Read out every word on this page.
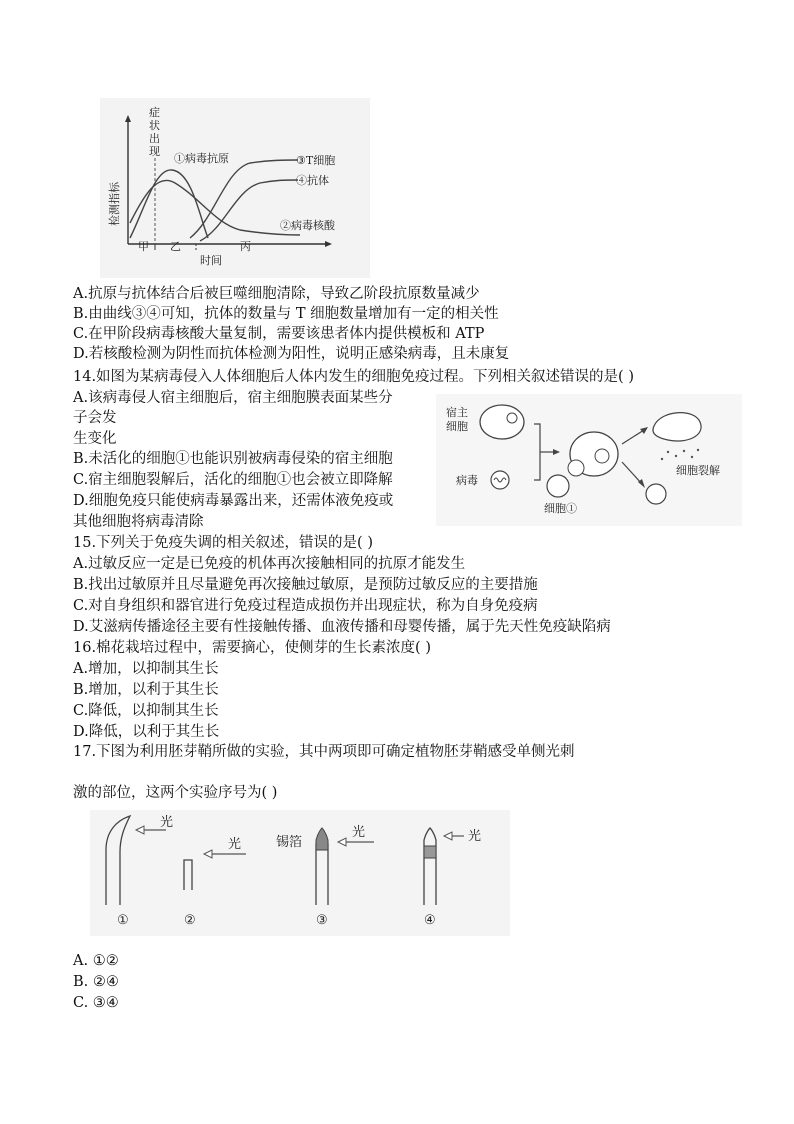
检测指标
症
状
出
现
①病毒抗原	③T细胞
④抗体
②病毒核酸
甲 乙	丙
时间
A.抗原与抗体结合后被巨噬细胞清除，导致乙阶段抗原数量减少
B.由曲线③④可知，抗体的数量与 T 细胞数量增加有一定的相关性
C.在甲阶段病毒核酸大量复制，需要该患者体内提供模板和 ATP
D.若核酸检测为阴性而抗体检测为阳性，说明正感染病毒，且未康复
14.如图为某病毒侵入人体细胞后人体内发生的细胞免疫过程。下列相关叙述错误的是( )
A.该病毒侵人宿主细胞后，宿主细胞膜表面某些分
子会发
生变化
B.未活化的细胞①也能识别被病毒侵染的宿主细胞
C.宿主细胞裂解后，活化的细胞①也会被立即降解
D.细胞免疫只能使病毒暴露出来，还需体液免疫或
其他细胞将病毒清除
宿主
细胞
病毒
细胞①
细胞裂解
15.下列关于免疫失调的相关叙述，错误的是( )
A.过敏反应一定是已免疫的机体再次接触相同的抗原才能发生
B.找出过敏原并且尽量避免再次接触过敏原，是预防过敏反应的主要措施
C.对自身组织和器官进行免疫过程造成损伤并出现症状，称为自身免疫病
D.艾滋病传播途径主要有性接触传播、血液传播和母婴传播，属于先天性免疫缺陷病
16.棉花栽培过程中，需要摘心，使侧芽的生长素浓度( )
A.增加，以抑制其生长
B.增加，以利于其生长
C.降低，以抑制其生长
D.降低，以利于其生长
17.下图为利用胚芽鞘所做的实验，其中两项即可确定植物胚芽鞘感受单侧光刺
激的部位，这两个实验序号为( )
光
①
光
②
锡箔
光
③
光
④
A. ①②
B. ②④
C. ③④
